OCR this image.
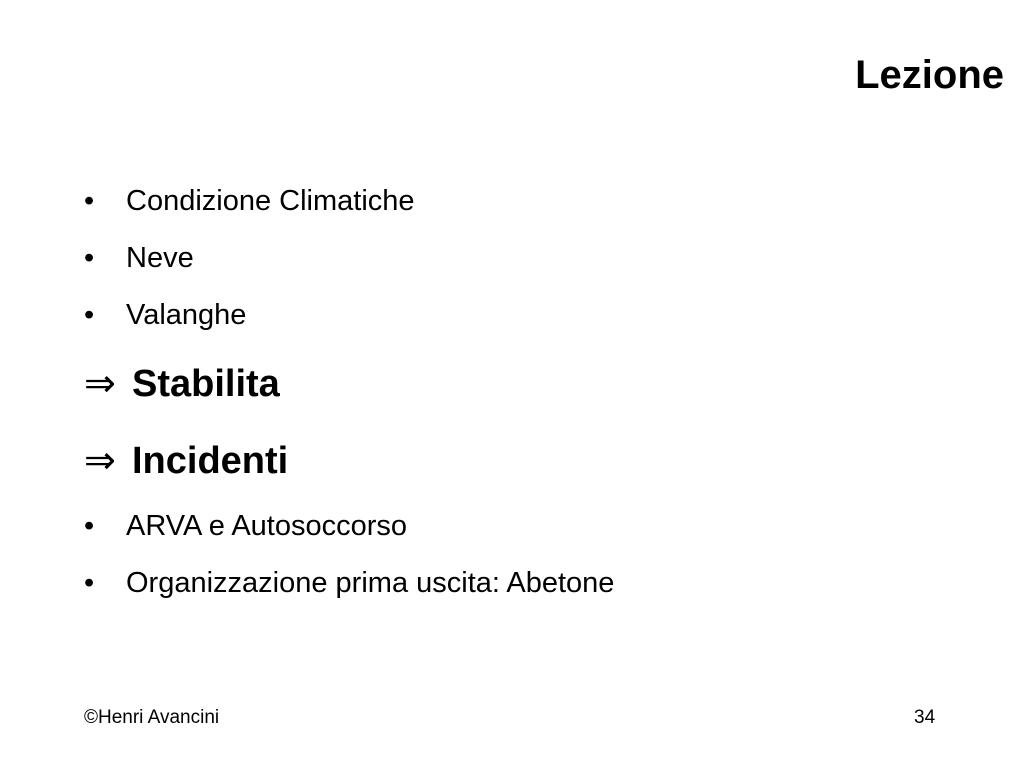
Lezione
• Condizione Climatiche
• Neve
• Valanghe
⇒ Stabilita
⇒ Incidenti
• ARVA e Autosoccorso
• Organizzazione prima uscita: Abetone
©Henri Avancini	34
